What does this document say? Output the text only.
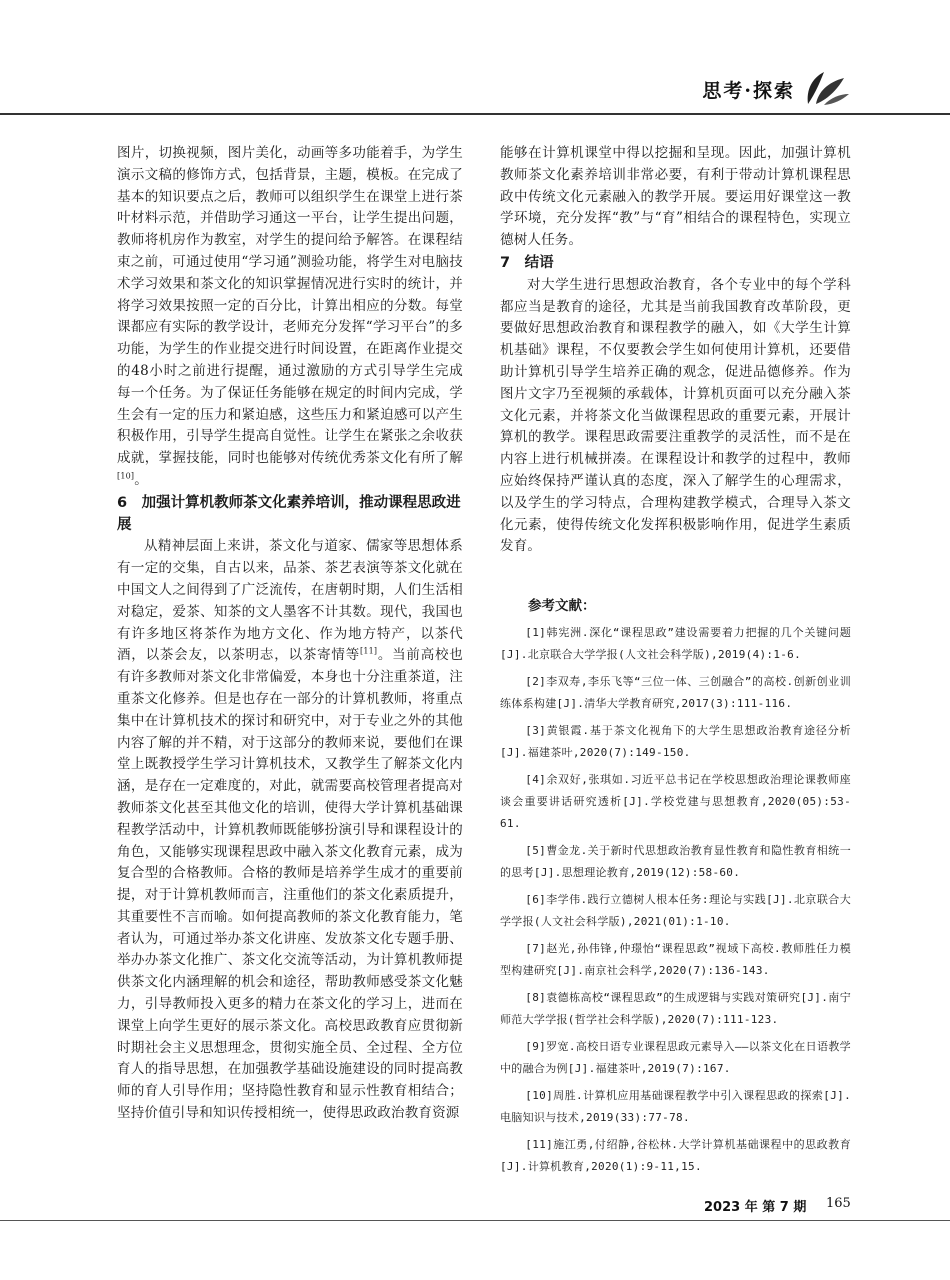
思考·探索

图片，切换视频，图片美化，动画等多功能着手，为学生演示文稿的修饰方式，包括背景，主题，模板。在完成了基本的知识要点之后，教师可以组织学生在课堂上进行茶叶材料示范，并借助学习通这一平台，让学生提出问题，教师将机房作为教室，对学生的提问给予解答。在课程结束之前，可通过使用“学习通”测验功能，将学生对电脑技术学习效果和茶文化的知识掌握情况进行实时的统计，并将学习效果按照一定的百分比，计算出相应的分数。每堂课都应有实际的教学设计，老师充分发挥“学习平台”的多功能，为学生的作业提交进行时间设置，在距离作业提交的48小时之前进行提醒，通过激励的方式引导学生完成每一个任务。为了保证任务能够在规定的时间内完成，学生会有一定的压力和紧迫感，这些压力和紧迫感可以产生积极作用，引导学生提高自觉性。让学生在紧张之余收获成就，掌握技能，同时也能够对传统优秀茶文化有所了解[10]。

6　加强计算机教师茶文化素养培训，推动课程思政进展

从精神层面上来讲，茶文化与道家、儒家等思想体系有一定的交集，自古以来，品茶、茶艺表演等茶文化就在中国文人之间得到了广泛流传，在唐朝时期，人们生活相对稳定，爱茶、知茶的文人墨客不计其数。现代，我国也有许多地区将茶作为地方文化、作为地方特产，以茶代酒，以茶会友，以茶明志，以茶寄情等[11]。当前高校也有许多教师对茶文化非常偏爱，本身也十分注重茶道，注重茶文化修养。但是也存在一部分的计算机教师，将重点集中在计算机技术的探讨和研究中，对于专业之外的其他内容了解的并不精，对于这部分的教师来说，要他们在课堂上既教授学生学习计算机技术，又教学生了解茶文化内涵，是存在一定难度的，对此，就需要高校管理者提高对教师茶文化甚至其他文化的培训，使得大学计算机基础课程教学活动中，计算机教师既能够扮演引导和课程设计的角色，又能够实现课程思政中融入茶文化教育元素，成为复合型的合格教师。合格的教师是培养学生成才的重要前提，对于计算机教师而言，注重他们的茶文化素质提升，其重要性不言而喻。如何提高教师的茶文化教育能力，笔者认为，可通过举办茶文化讲座、发放茶文化专题手册、举办办茶文化推广、茶文化交流等活动，为计算机教师提供茶文化内涵理解的机会和途径，帮助教师感受茶文化魅力，引导教师投入更多的精力在茶文化的学习上，进而在课堂上向学生更好的展示茶文化。高校思政教育应贯彻新时期社会主义思想理念，贯彻实施全员、全过程、全方位育人的指导思想，在加强教学基础设施建设的同时提高教师的育人引导作用；坚持隐性教育和显示性教育相结合；坚持价值引导和知识传授相统一，使得思政政治教育资源

能够在计算机课堂中得以挖掘和呈现。因此，加强计算机教师茶文化素养培训非常必要，有利于带动计算机课程思政中传统文化元素融入的教学开展。要运用好课堂这一教学环境，充分发挥“教”与“育”相结合的课程特色，实现立德树人任务。

7　结语

对大学生进行思想政治教育，各个专业中的每个学科都应当是教育的途径，尤其是当前我国教育改革阶段，更要做好思想政治教育和课程教学的融入，如《大学生计算机基础》课程，不仅要教会学生如何使用计算机，还要借助计算机引导学生培养正确的观念，促进品德修养。作为图片文字乃至视频的承载体，计算机页面可以充分融入茶文化元素，并将茶文化当做课程思政的重要元素，开展计算机的教学。课程思政需要注重教学的灵活性，而不是在内容上进行机械拼凑。在课程设计和教学的过程中，教师应始终保持严谨认真的态度，深入了解学生的心理需求，以及学生的学习特点，合理构建教学模式，合理导入茶文化元素，使得传统文化发挥积极影响作用，促进学生素质发育。

参考文献：

[1]韩宪洲.深化“课程思政”建设需要着力把握的几个关键问题[J].北京联合大学学报(人文社会科学版),2019(4):1-6.

[2]李双寿,李乐飞等“三位一体、三创融合”的高校.创新创业训练体系构建[J].清华大学教育研究,2017(3):111-116.

[3]黄银霞.基于茶文化视角下的大学生思想政治教育途径分析[J].福建茶叶,2020(7):149-150.

[4]余双好,张琪如.习近平总书记在学校思想政治理论课教师座谈会重要讲话研究透析[J].学校党建与思想教育,2020(05):53-61.

[5]曹金龙.关于新时代思想政治教育显性教育和隐性教育相统一的思考[J].思想理论教育,2019(12):58-60.

[6]李学伟.践行立德树人根本任务:理论与实践[J].北京联合大学学报(人文社会科学版),2021(01):1-10.

[7]赵光,孙伟锋,仲璟怡“课程思政”视域下高校.教师胜任力模型构建研究[J].南京社会科学,2020(7):136-143.

[8]袁德栋高校“课程思政”的生成逻辑与实践对策研究[J].南宁师范大学学报(哲学社会科学版),2020(7):111-123.

[9]罗宽.高校日语专业课程思政元素导入——以茶文化在日语教学中的融合为例[J].福建茶叶,2019(7):167.

[10]周胜.计算机应用基础课程教学中引入课程思政的探索[J].电脑知识与技术,2019(33):77-78.

[11]施江勇,付绍静,谷松林.大学计算机基础课程中的思政教育[J].计算机教育,2020(1):9-11,15.

2023 年 第 7 期 165
